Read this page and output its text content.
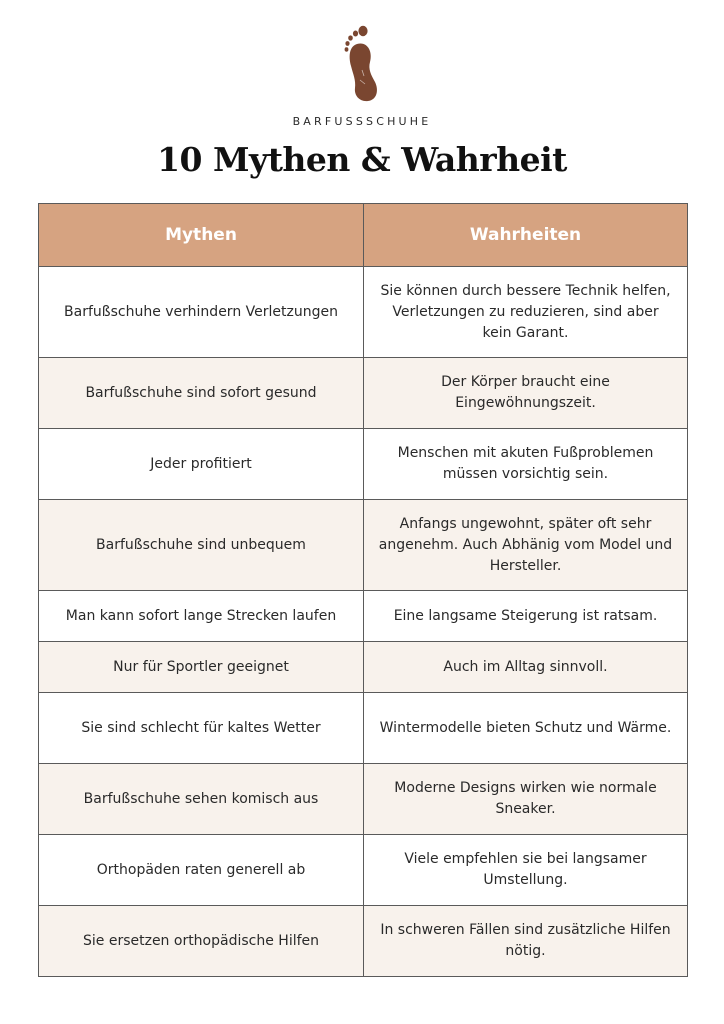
BARFUSSSCHUHE
10 Mythen & Wahrheit
Mythen	Wahrheiten
Barfußschuhe verhindern Verletzungen	Sie können durch bessere Technik helfen, Verletzungen zu reduzieren, sind aber kein Garant.
Barfußschuhe sind sofort gesund	Der Körper braucht eine Eingewöhnungszeit.
Jeder profitiert	Menschen mit akuten Fußproblemen müssen vorsichtig sein.
Barfußschuhe sind unbequem	Anfangs ungewohnt, später oft sehr angenehm. Auch Abhänig vom Model und Hersteller.
Man kann sofort lange Strecken laufen	Eine langsame Steigerung ist ratsam.
Nur für Sportler geeignet	Auch im Alltag sinnvoll.
Sie sind schlecht für kaltes Wetter	Wintermodelle bieten Schutz und Wärme.
Barfußschuhe sehen komisch aus	Moderne Designs wirken wie normale Sneaker.
Orthopäden raten generell ab	Viele empfehlen sie bei langsamer Umstellung.
Sie ersetzen orthopädische Hilfen	In schweren Fällen sind zusätzliche Hilfen nötig.
